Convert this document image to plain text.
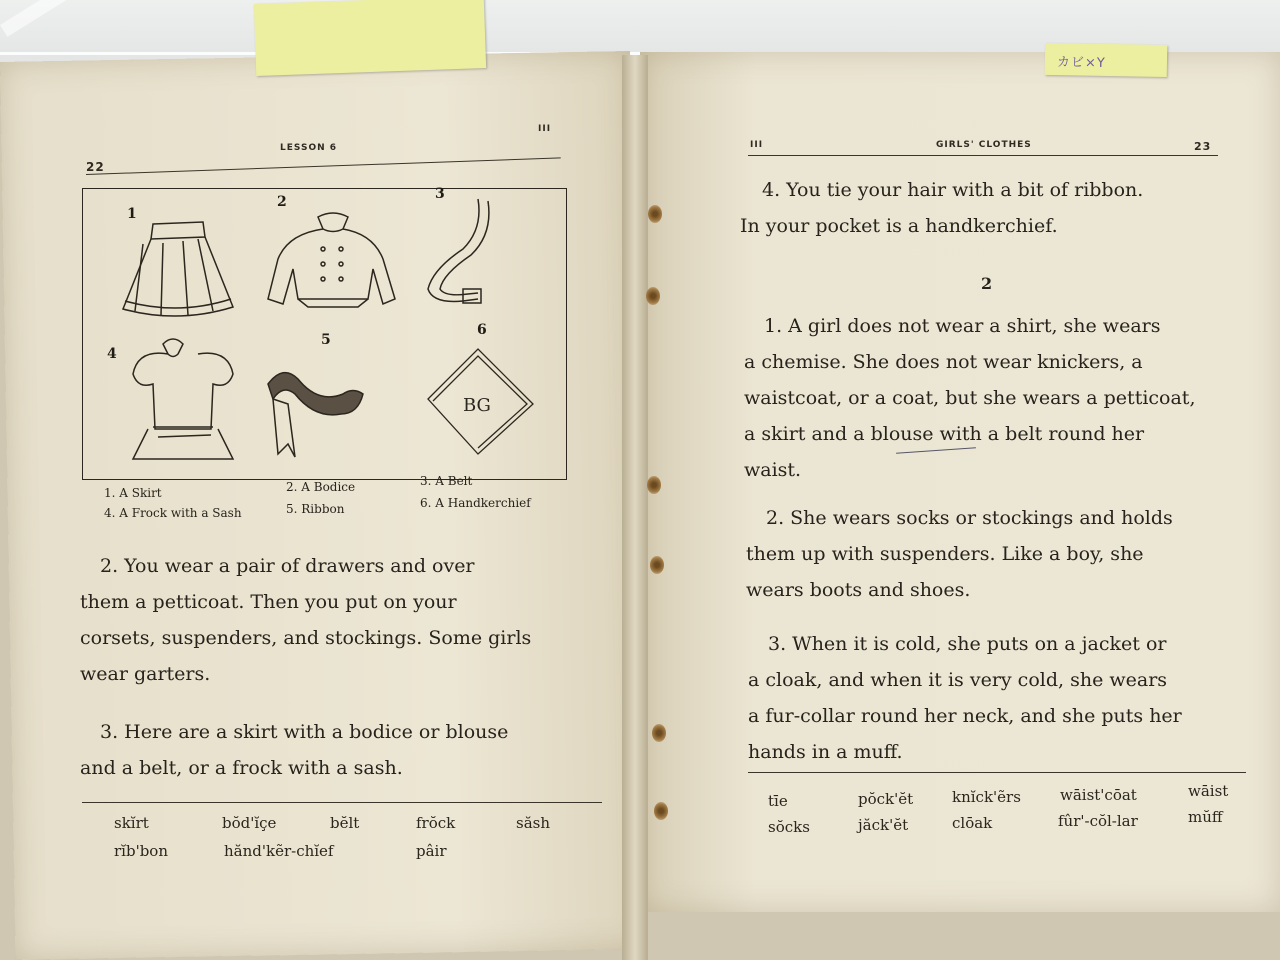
カビ×Y
22
LESSON 6
III
BG
1
2	3
4
5
6
1. A Skirt	2. A Bodice	3. A Belt
4. A Frock with a Sash	5. Ribbon	6. A Handkerchief
2. You wear a pair of drawers and over
them a petticoat. Then you put on your
corsets, suspenders, and stockings. Some girls
wear garters.
3. Here are a skirt with a bodice or blouse
and a belt, or a frock with a sash.
skĭrt	bŏd'ĭçe	bĕlt	frŏck	săsh
rĭb'bon	hănd'kẽr-chĭef	pâir
III	GIRLS' CLOTHES	23
4. You tie your hair with a bit of ribbon.
In your pocket is a handkerchief.
2
1. A girl does not wear a shirt, she wears
a chemise. She does not wear knickers, a
waistcoat, or a coat, but she wears a petticoat,
a skirt and a blouse with a belt round her
waist.
2. She wears socks or stockings and holds
them up with suspenders. Like a boy, she
wears boots and shoes.
3. When it is cold, she puts on a jacket or
a cloak, and when it is very cold, she wears
a fur-collar round her neck, and she puts her
hands in a muff.
tīe	pŏck'ĕt	knĭck'ẽrs	wāist'cōat	wāist
sŏcks	jăck'ĕt	clōak	fûr'-cŏl-lar	mŭff
